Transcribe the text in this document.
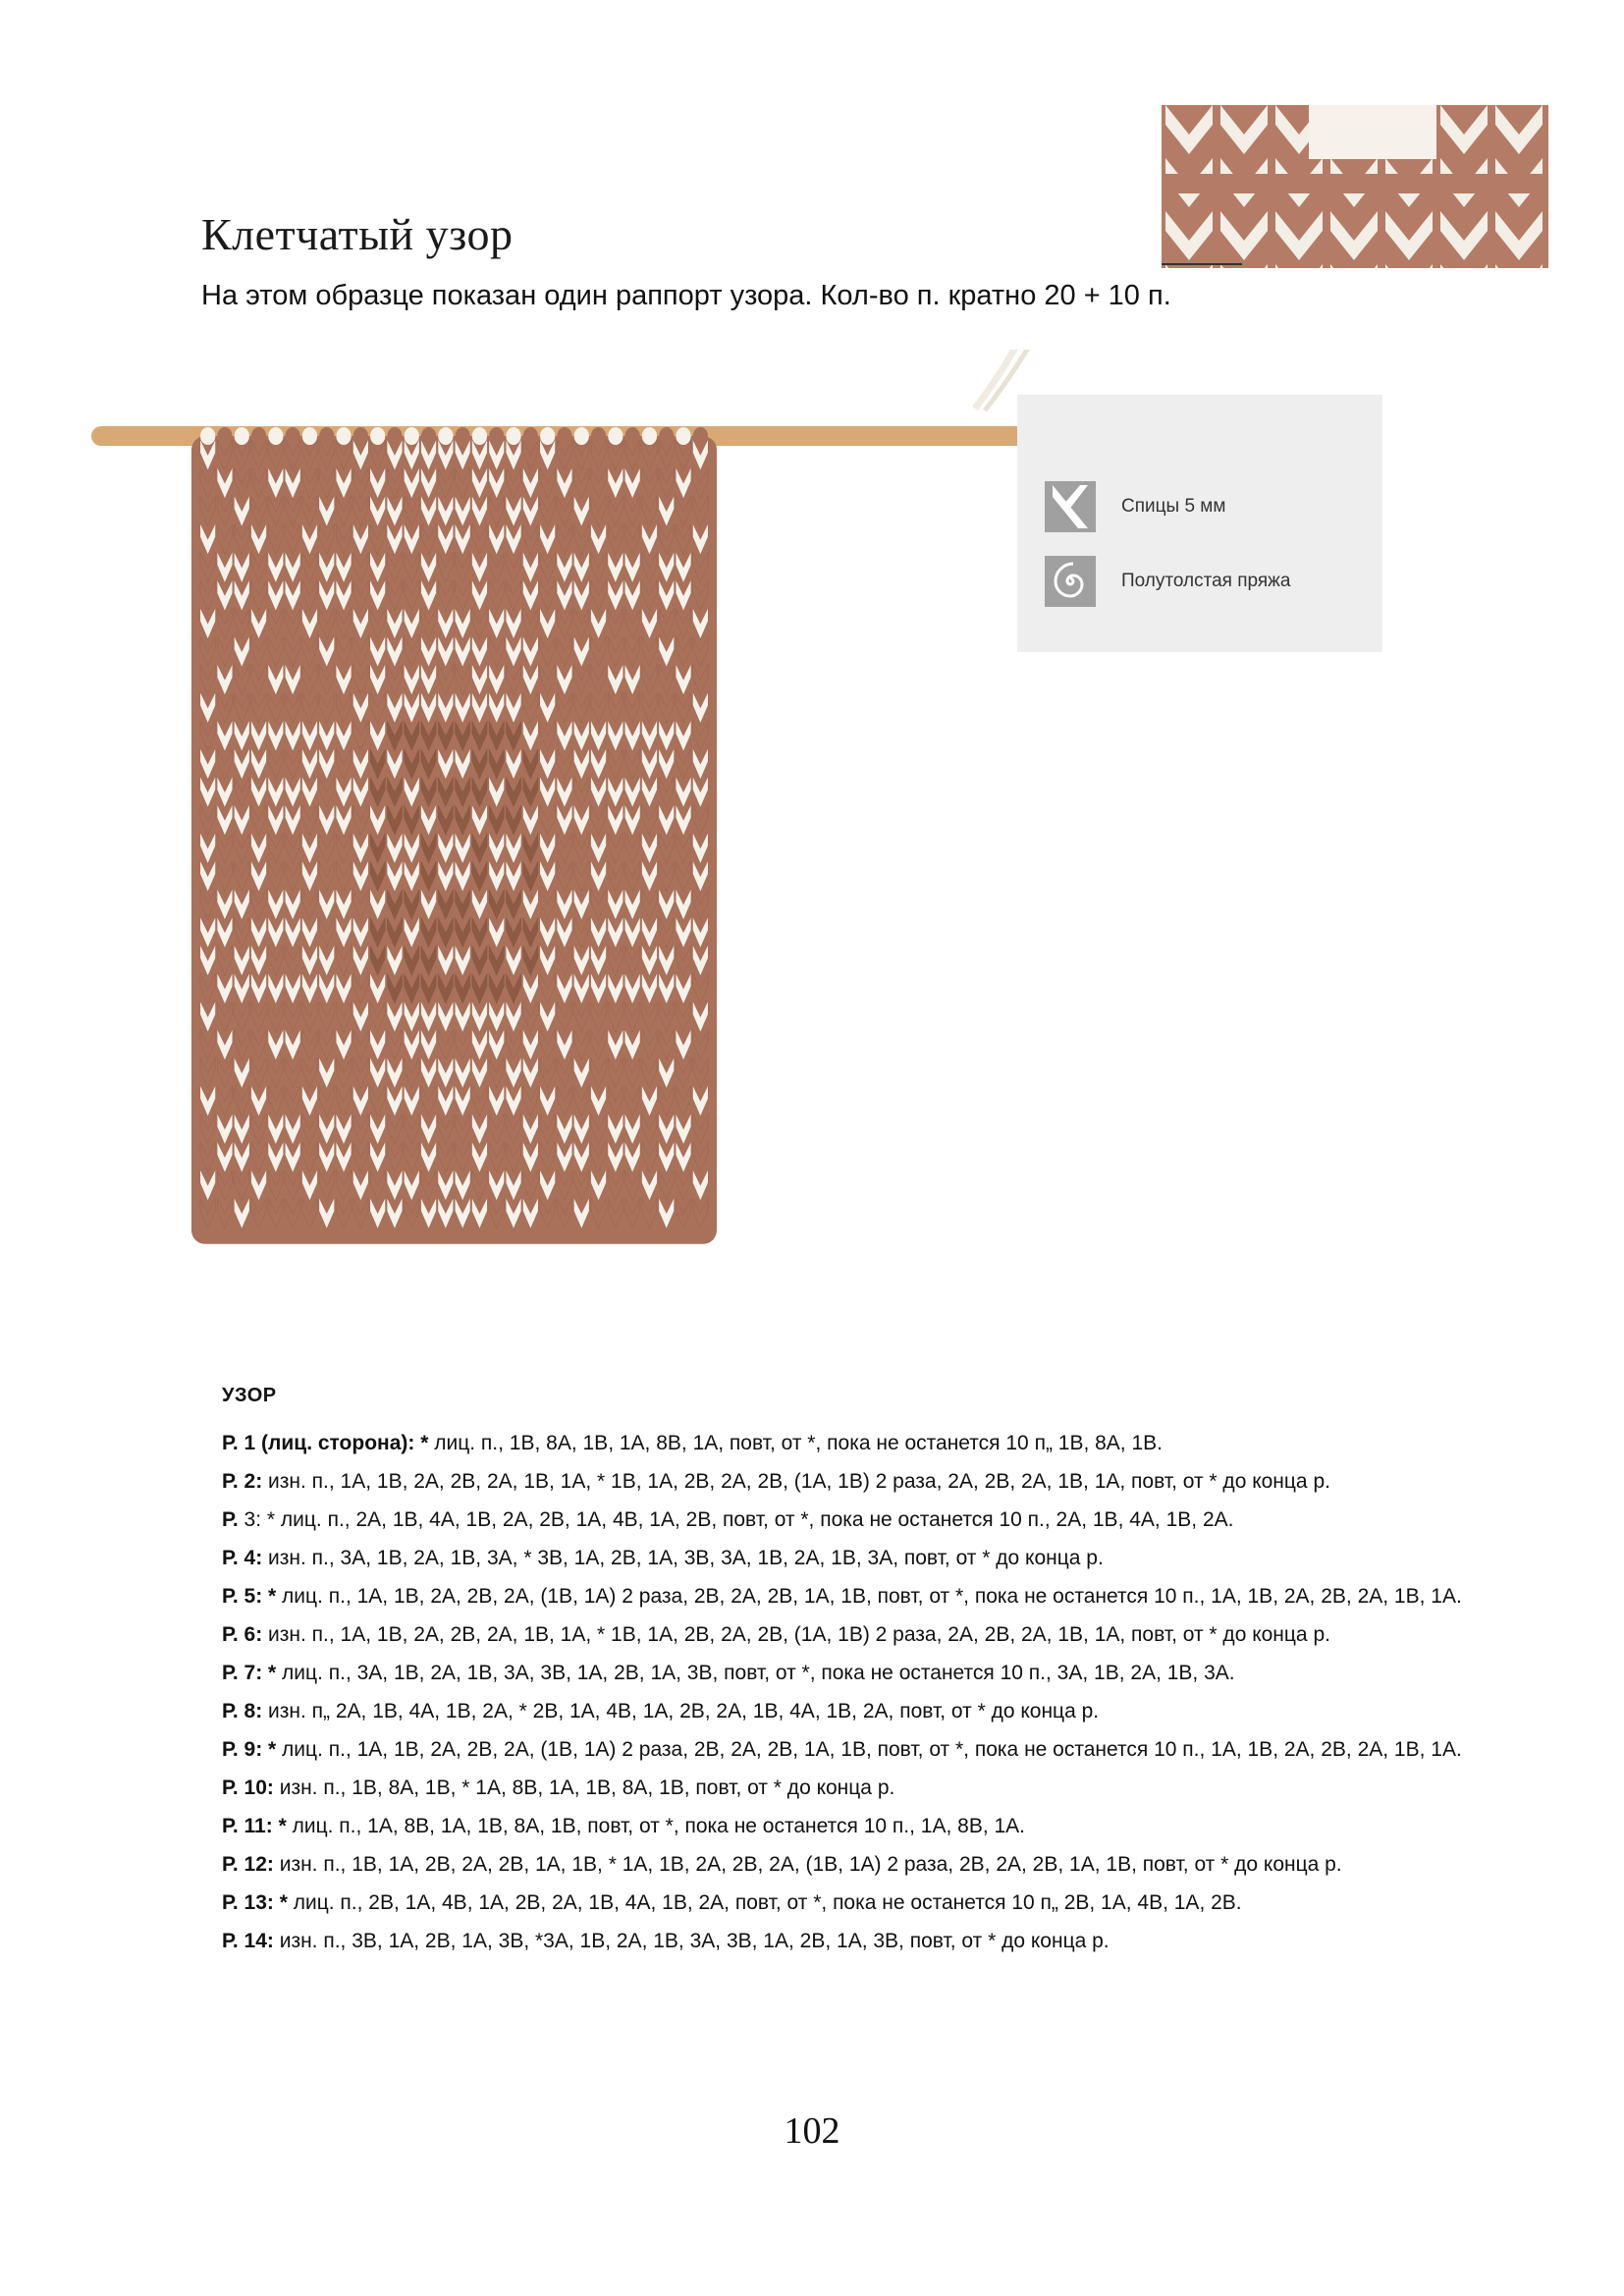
Клетчатый узор

На этом образце показан один раппорт узора. Кол-во п. кратно 20 + 10 п.

Спицы 5 мм
Полутолстая пряжа
УЗОР

Р. 1 (лиц. сторона): * лиц. п., 1В, 8А, 1В, 1А, 8В, 1А, повт, от *, пока не останется 10 п„ 1В, 8А, 1В.

Р. 2: изн. п., 1А, 1В, 2А, 2В, 2А, 1В, 1А, * 1В, 1А, 2В, 2А, 2В, (1А, 1В) 2 раза, 2А, 2В, 2А, 1В, 1А, повт, от * до конца р.

Р. 3: * лиц. п., 2А, 1В, 4А, 1В, 2А, 2В, 1А, 4В, 1А, 2В, повт, от *, пока не останется 10 п., 2А, 1В, 4А, 1В, 2А.

Р. 4: изн. п., 3А, 1В, 2А, 1В, 3А, * 3В, 1А, 2В, 1А, 3В, 3А, 1В, 2А, 1В, 3А, повт, от * до конца р.

Р. 5: * лиц. п., 1А, 1В, 2А, 2В, 2А, (1В, 1А) 2 раза, 2В, 2А, 2В, 1А, 1В, повт, от *, пока не останется 10 п., 1А, 1В, 2А, 2В, 2А, 1В, 1А.

Р. 6: изн. п., 1А, 1В, 2А, 2В, 2А, 1В, 1А, * 1В, 1А, 2В, 2А, 2В, (1А, 1В) 2 раза, 2А, 2В, 2А, 1В, 1А, повт, от * до конца р.

Р. 7: * лиц. п., 3А, 1В, 2А, 1В, 3А, 3В, 1А, 2В, 1А, 3В, повт, от *, пока не останется 10 п., 3А, 1В, 2А, 1В, 3А.

Р. 8: изн. п„ 2А, 1В, 4А, 1В, 2А, * 2В, 1А, 4В, 1А, 2В, 2А, 1В, 4А, 1В, 2А, повт, от * до конца р.

Р. 9: * лиц. п., 1А, 1В, 2А, 2В, 2А, (1В, 1А) 2 раза, 2В, 2А, 2В, 1А, 1В, повт, от *, пока не останется 10 п., 1А, 1В, 2А, 2В, 2А, 1В, 1А.

Р. 10: изн. п., 1В, 8А, 1В, * 1А, 8В, 1А, 1В, 8А, 1В, повт, от * до конца р.

Р. 11: * лиц. п., 1А, 8В, 1А, 1В, 8А, 1В, повт, от *, пока не останется 10 п., 1А, 8В, 1А.

Р. 12: изн. п., 1В, 1А, 2В, 2А, 2В, 1А, 1В, * 1А, 1В, 2А, 2В, 2А, (1В, 1А) 2 раза, 2В, 2А, 2В, 1А, 1В, повт, от * до конца р.

Р. 13: * лиц. п., 2В, 1А, 4В, 1А, 2В, 2А, 1В, 4А, 1В, 2А, повт, от *, пока не останется 10 п„ 2В, 1А, 4В, 1А, 2В.

Р. 14: изн. п., 3В, 1А, 2В, 1А, 3В, *3А, 1В, 2А, 1В, 3А, 3В, 1А, 2В, 1А, 3В, повт, от * до конца р.

102
